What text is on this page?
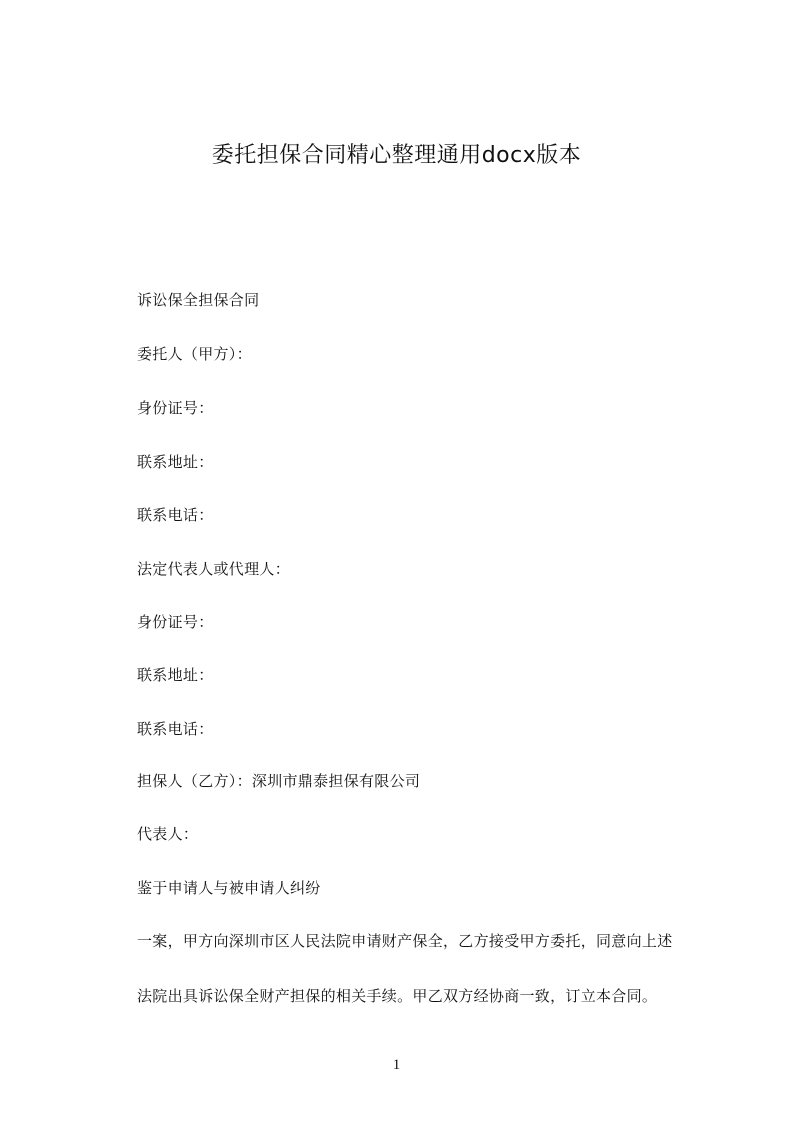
委托担保合同精心整理通用docx版本
诉讼保全担保合同
委托人（甲方）：
身份证号：
联系地址：
联系电话：
法定代表人或代理人：
身份证号：
联系地址：
联系电话：
担保人（乙方）：深圳市鼎泰担保有限公司
代表人：
鉴于申请人与被申请人纠纷
一案，甲方向深圳市区人民法院申请财产保全，乙方接受甲方委托，同意向上述
法院出具诉讼保全财产担保的相关手续。甲乙双方经协商一致，订立本合同。
1
